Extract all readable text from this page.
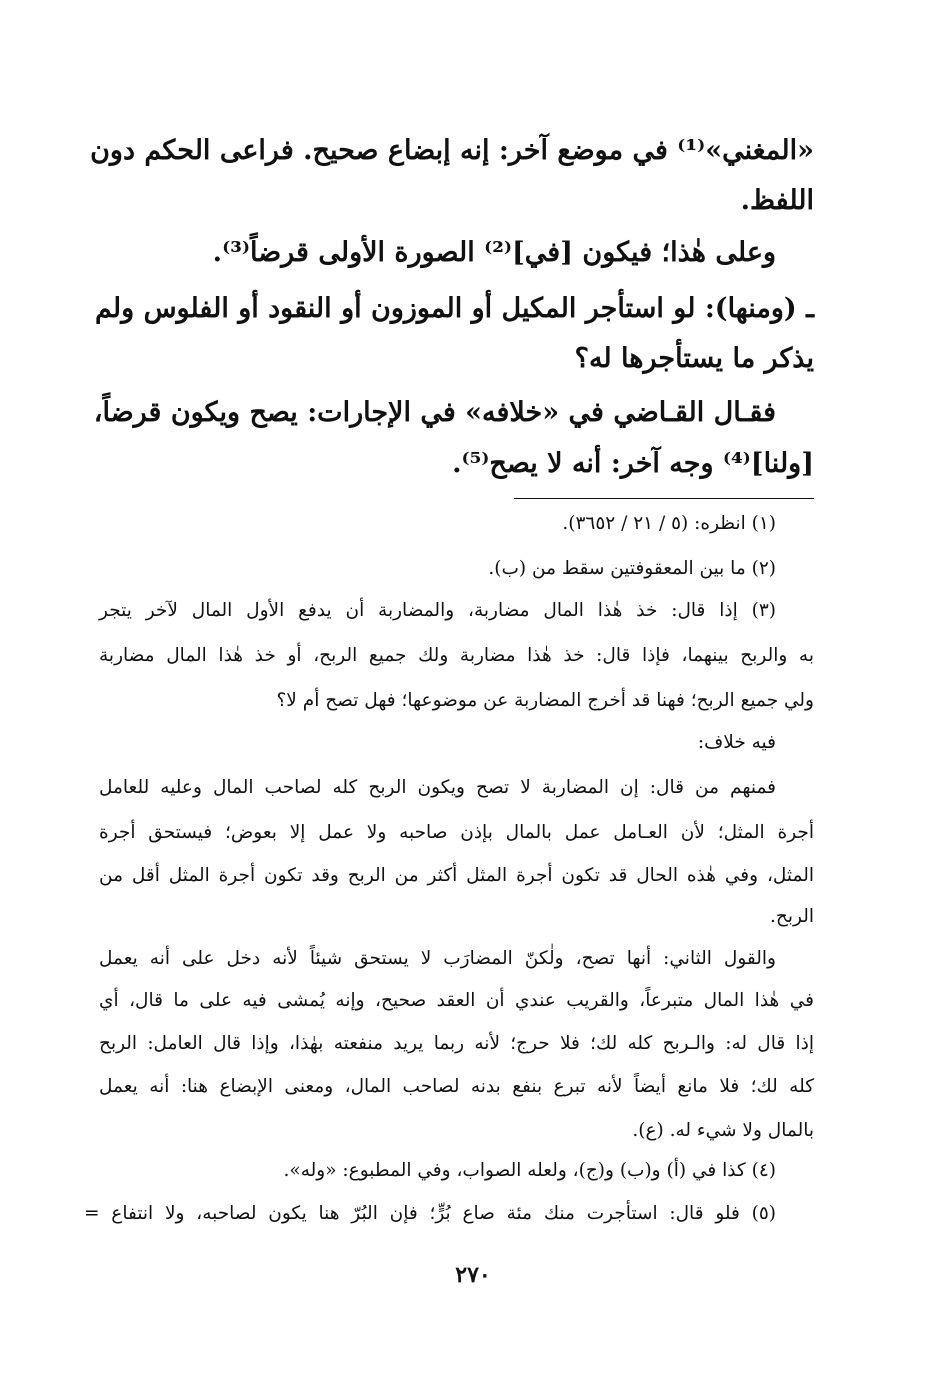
«المغني»⁽¹⁾ في موضع آخر: إنه إبضاع صحيح. فراعى الحكم دون

اللفظ.

وعلى هٰذا؛ فيكون [في]⁽²⁾ الصورة الأولى قرضاً⁽³⁾.

ـ (ومنها): لو استأجر المكيل أو الموزون أو النقود أو الفلوس ولم

يذكر ما يستأجرها له؟

فقـال القـاضي في «خلافه» في الإجارات: يصح ويكون قرضاً،

[ولنا]⁽⁴⁾ وجه آخر: أنه لا يصح⁽⁵⁾.

(١) انظره: (٥ / ٢١ / ٣٦٥٢).

(٢) ما بين المعقوفتين سقط من (ب).

(٣) إذا قال: خذ هٰذا المال مضاربة، والمضاربة أن يدفع الأول المال لآخر يتجر

به والربح بينهما، فإذا قال: خذ هٰذا مضاربة ولك جميع الربح، أو خذ هٰذا المال مضاربة

ولي جميع الربح؛ فهنا قد أخرج المضاربة عن موضوعها؛ فهل تصح أم لا؟

فيه خلاف:

فمنهم من قال: إن المضاربة لا تصح ويكون الربح كله لصاحب المال وعليه للعامل

أجرة المثل؛ لأن العـامل عمل بالمال بإذن صاحبه ولا عمل إلا بعوض؛ فيستحق أجرة

المثل، وفي هٰذه الحال قد تكون أجرة المثل أكثر من الربح وقد تكون أجرة المثل أقل من

الربح.

والقول الثاني: أنها تصح، ولٰكنّ المضارَب لا يستحق شيئاً لأنه دخل على أنه يعمل

في هٰذا المال متبرعاً، والقريب عندي أن العقد صحيح، وإنه يُمشى فيه على ما قال، أي

إذا قال له: والـربح كله لك؛ فلا حرج؛ لأنه ربما يريد منفعته بهٰذا، وإذا قال العامل: الربح

كله لك؛ فلا مانع أيضاً لأنه تبرع بنفع بدنه لصاحب المال، ومعنى الإبضاع هنا: أنه يعمل

بالمال ولا شيء له. (ع).

(٤) كذا في (أ) و(ب) و(ج)، ولعله الصواب، وفي المطبوع: «وله».

(٥) فلو قال: استأجرت منك مئة صاع بُرٍّ؛ فإن البُرّ هنا يكون لصاحبه، ولا انتفاع =

٢٧٠
